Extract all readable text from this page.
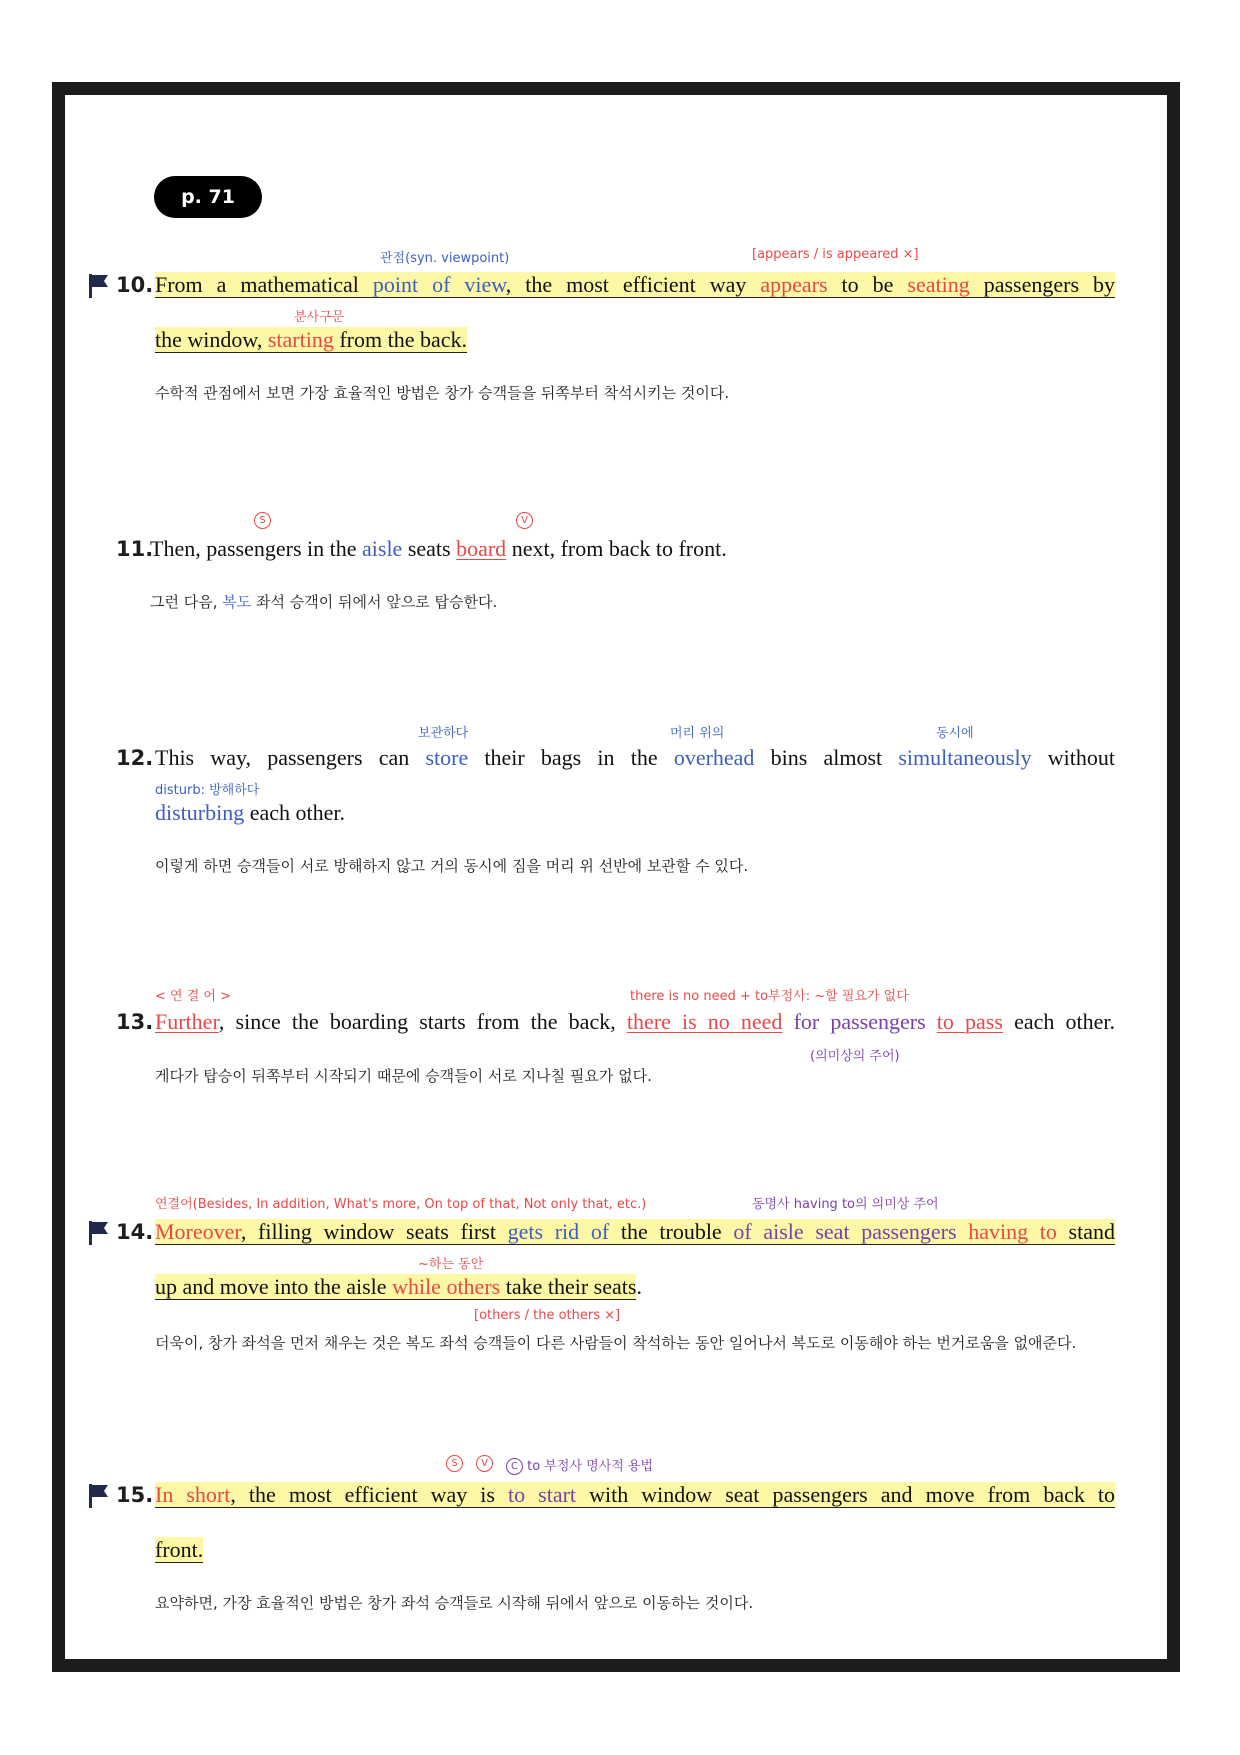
p. 71
관점(syn. viewpoint)	[appears / is appeared ×]
10. From a mathematical point of view, the most efficient way appears to be seating passengers by
분사구문
the window, starting from the back.
수학적 관점에서 보면 가장 효율적인 방법은 창가 승객들을 뒤쪽부터 착석시키는 것이다.
S	V
11.
Then, passengers in the aisle seats board next, from back to front.
그런 다음, 복도 좌석 승객이 뒤에서 앞으로 탑승한다.
보관하다	머리 위의	동시에
12. This way, passengers can store their bags in the overhead bins almost simultaneously without
disturb: 방해하다
disturbing each other.
이렇게 하면 승객들이 서로 방해하지 않고 거의 동시에 짐을 머리 위 선반에 보관할 수 있다.
< 연 결 어 >	there is no need + to부정사: ~할 필요가 없다
13. Further, since the boarding starts from the back, there is no need for passengers to pass each other.
(의미상의 주어)
게다가 탑승이 뒤쪽부터 시작되기 때문에 승객들이 서로 지나칠 필요가 없다.
연결어(Besides, In addition, What's more, On top of that, Not only that, etc.)	동명사 having to의 의미상 주어
14. Moreover, filling window seats first gets rid of the trouble of aisle seat passengers having to stand
~하는 동안
up and move into the aisle while others take their seats.
[others / the others ×]
더욱이, 창가 좌석을 먼저 채우는 것은 복도 좌석 승객들이 다른 사람들이 착석하는 동안 일어나서 복도로 이동해야 하는 번거로움을 없애준다.
S	V	C to 부정사 명사적 용법
15. In short, the most efficient way is to start with window seat passengers and move from back to
front.
요약하면, 가장 효율적인 방법은 창가 좌석 승객들로 시작해 뒤에서 앞으로 이동하는 것이다.
